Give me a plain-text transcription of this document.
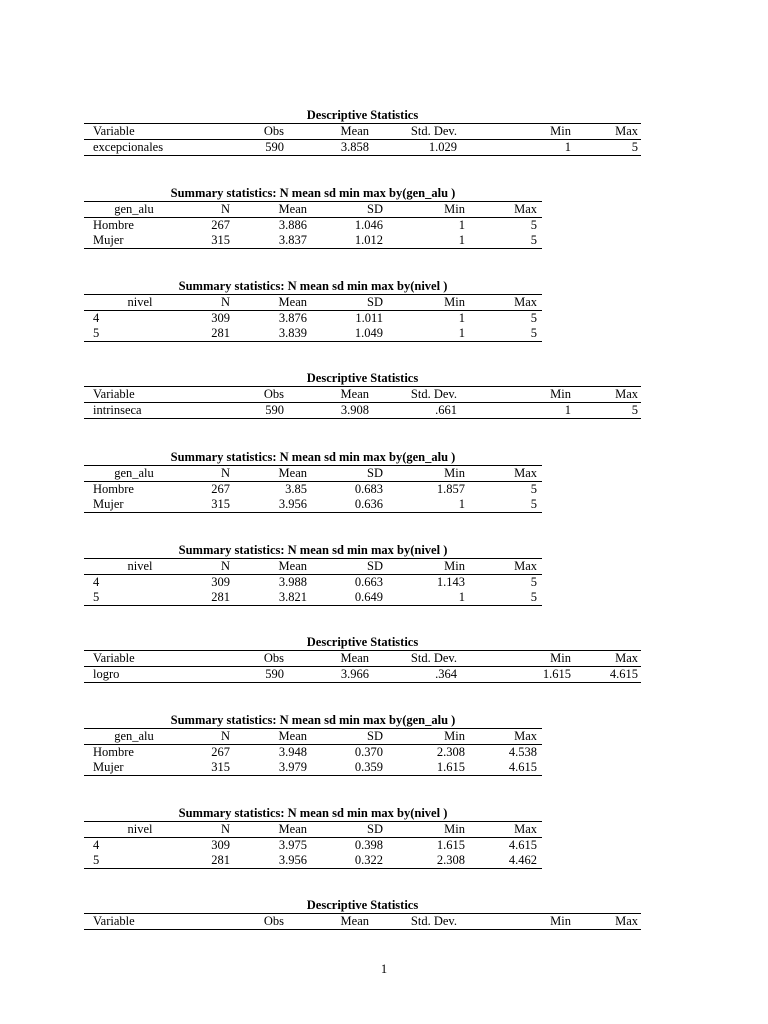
Descriptive Statistics
Variable	Obs	Mean	Std. Dev.	Min	Max
excepcionales	590	3.858	1.029	1	5
Summary statistics: N mean sd min max by(gen_alu )
gen_alu	N	Mean	SD	Min	Max
Hombre	267	3.886	1.046	1	5
Mujer	315	3.837	1.012	1	5
Summary statistics: N mean sd min max by(nivel )
nivel	N	Mean	SD	Min	Max
4	309	3.876	1.011	1	5
5	281	3.839	1.049	1	5
Descriptive Statistics
Variable	Obs	Mean	Std. Dev.	Min	Max
intrinseca	590	3.908	.661	1	5
Summary statistics: N mean sd min max by(gen_alu )
gen_alu	N	Mean	SD	Min	Max
Hombre	267	3.85	0.683	1.857	5
Mujer	315	3.956	0.636	1	5
Summary statistics: N mean sd min max by(nivel )
nivel	N	Mean	SD	Min	Max
4	309	3.988	0.663	1.143	5
5	281	3.821	0.649	1	5
Descriptive Statistics
Variable	Obs	Mean	Std. Dev.	Min	Max
logro	590	3.966	.364	1.615	4.615
Summary statistics: N mean sd min max by(gen_alu )
gen_alu	N	Mean	SD	Min	Max
Hombre	267	3.948	0.370	2.308	4.538
Mujer	315	3.979	0.359	1.615	4.615
Summary statistics: N mean sd min max by(nivel )
nivel	N	Mean	SD	Min	Max
4	309	3.975	0.398	1.615	4.615
5	281	3.956	0.322	2.308	4.462
Descriptive Statistics
Variable	Obs	Mean	Std. Dev.	Min	Max
1
